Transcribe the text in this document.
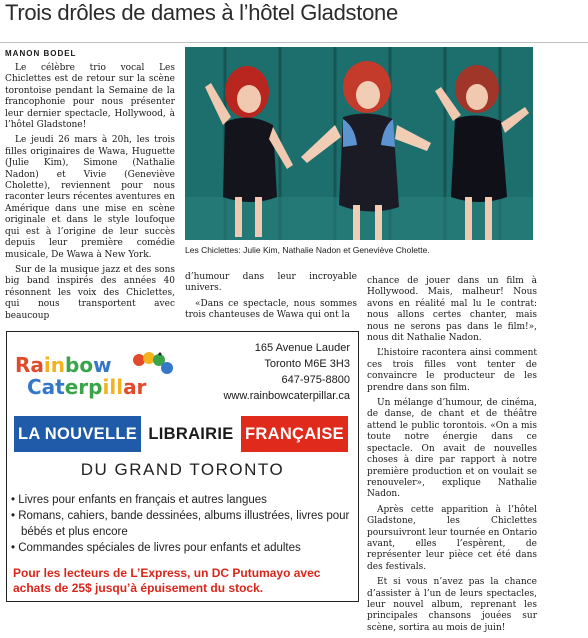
Trois drôles de dames à l’hôtel Gladstone
MANON BODEL

Le célèbre trio vocal Les Chiclettes est de retour sur la scène torontoise pendant la Semaine de la francophonie pour nous présenter leur dernier spectacle, Hollywood, à l’hôtel Gladstone!

Le jeudi 26 mars à 20h, les trois filles originaires de Wawa, Huguette (Julie Kim), Simone (Nathalie Nadon) et Vivie (Geneviève Cholette), reviennent pour nous raconter leurs récentes aventures en Amérique dans une mise en scène originale et dans le style loufoque qui est à l’origine de leur succès depuis leur première comédie musicale, De Wawa à New York.

Sur de la musique jazz et des sons big band inspirés des années 40 résonnent les voix des Chiclettes, qui nous transportent avec beaucoup

Les Chiclettes: Julie Kim, Nathalie Nadon et Geneviève Cholette.

d’humour dans leur incroyable univers.

«Dans ce spectacle, nous sommes trois chanteuses de Wawa qui ont la

chance de jouer dans un film à Hollywood. Mais, malheur! Nous avons en réalité mal lu le contrat: nous allons certes chanter, mais nous ne serons pas dans le film!», nous dit Nathalie Nadon.

L’histoire racontera ainsi comment ces trois filles vont tenter de convaincre le producteur de les prendre dans son film.

Un mélange d’humour, de cinéma, de danse, de chant et de théâtre attend le public torontois. «On a mis toute notre énergie dans ce spectacle. On avait de nouvelles choses à dire par rapport à notre première production et on voulait se renouveler», explique Nathalie Nadon.

Après cette apparition à l’hôtel Gladstone, les Chiclettes poursuivront leur tournée en Ontario avant, elles l’espèrent, de représenter leur pièce cet été dans des festivals.

Et si vous n’avez pas la chance d’assister à l’un de leurs spectacles, leur nouvel album, reprenant les principales chansons jouées sur scène, sortira au mois de juin!

Rainbow
Caterpillar
165 Avenue Lauder
Toronto M6E 3H3
647-975-8800
www.rainbowcaterpillar.ca
LA NOUVELLE LIBRAIRIE FRANÇAISE
DU GRAND TORONTO
• Livres pour enfants en français et autres langues
• Romans, cahiers, bande dessinées, albums illustrées, livres pour bébés et plus encore
• Commandes spéciales de livres pour enfants et adultes
Pour les lecteurs de L’Express, un DC Putumayo avec achats de 25$ jusqu’à épuisement du stock.
